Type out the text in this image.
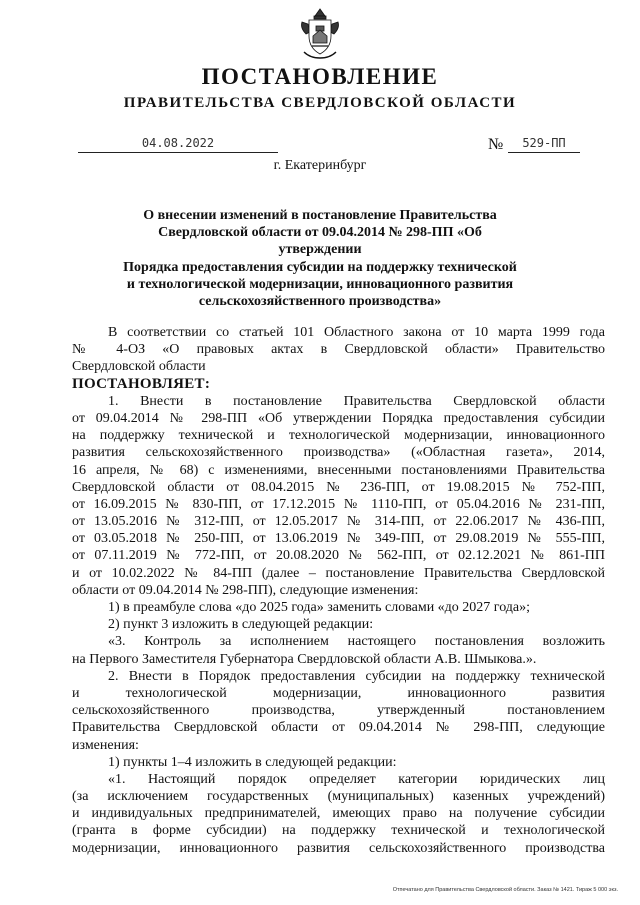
ПОСТАНОВЛЕНИЕ
ПРАВИТЕЛЬСТВА СВЕРДЛОВСКОЙ ОБЛАСТИ
04.08.2022	№	529-ПП
г. Екатеринбург
О внесении изменений в постановление Правительства
Свердловской области от 09.04.2014 № 298-ПП «Об утверждении
Порядка предоставления субсидии на поддержку технической
и технологической модернизации, инновационного развития
сельскохозяйственного производства»
В соответствии со статьей 101 Областного закона от 10 марта 1999 года
№ 4-ОЗ «О правовых актах в Свердловской области» Правительство
Свердловской области
ПОСТАНОВЛЯЕТ:
1. Внести в постановление Правительства Свердловской области
от 09.04.2014 № 298-ПП «Об утверждении Порядка предоставления субсидии
на поддержку технической и технологической модернизации, инновационного
развития сельскохозяйственного производства» («Областная газета», 2014,
16 апреля, № 68) с изменениями, внесенными постановлениями Правительства
Свердловской области от 08.04.2015 № 236-ПП, от 19.08.2015 № 752-ПП,
от 16.09.2015 № 830-ПП, от 17.12.2015 № 1110-ПП, от 05.04.2016 № 231-ПП,
от 13.05.2016 № 312-ПП, от 12.05.2017 № 314-ПП, от 22.06.2017 № 436-ПП,
от 03.05.2018 № 250-ПП, от 13.06.2019 № 349-ПП, от 29.08.2019 № 555-ПП,
от 07.11.2019 № 772-ПП, от 20.08.2020 № 562-ПП, от 02.12.2021 № 861-ПП
и от 10.02.2022 № 84-ПП (далее – постановление Правительства Свердловской
области от 09.04.2014 № 298-ПП), следующие изменения:
1) в преамбуле слова «до 2025 года» заменить словами «до 2027 года»;
2) пункт 3 изложить в следующей редакции:
«3. Контроль за исполнением настоящего постановления возложить
на Первого Заместителя Губернатора Свердловской области А.В. Шмыкова.».
2. Внести в Порядок предоставления субсидии на поддержку технической
и технологической модернизации, инновационного развития
сельскохозяйственного производства, утвержденный постановлением
Правительства Свердловской области от 09.04.2014 № 298-ПП, следующие
изменения:
1) пункты 1–4 изложить в следующей редакции:
«1. Настоящий порядок определяет категории юридических лиц
(за исключением государственных (муниципальных) казенных учреждений)
и индивидуальных предпринимателей, имеющих право на получение субсидии
(гранта в форме субсидии) на поддержку технической и технологической
модернизации, инновационного развития сельскохозяйственного производства
Отпечатано для Правительства Свердловской области. Заказ № 1421. Тираж 5 000 экз.
